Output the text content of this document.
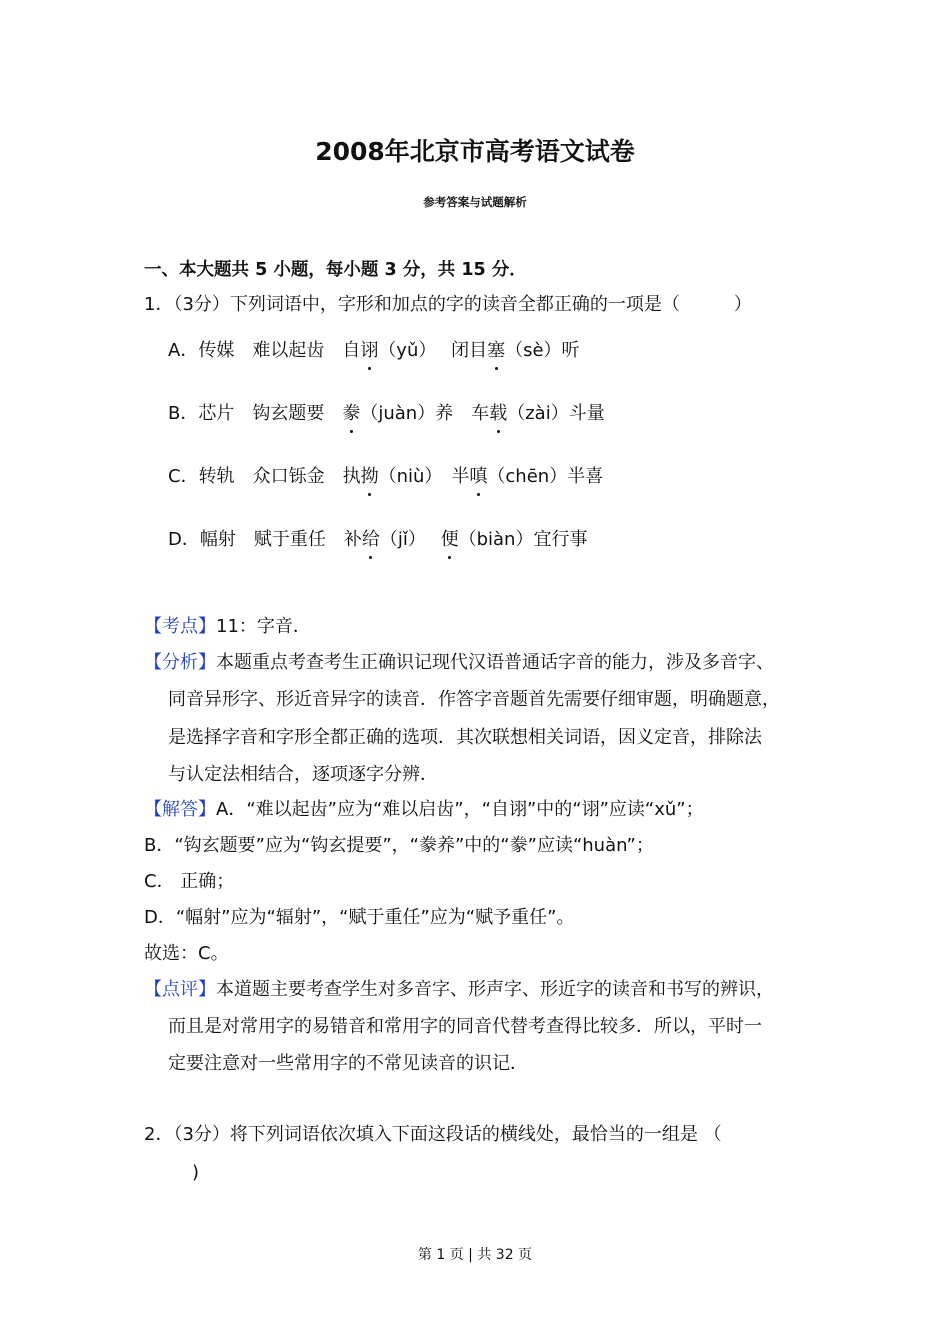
2008年北京市高考语文试卷
参考答案与试题解析
一、本大题共 5 小题，每小题 3 分，共 15 分．
1．（3分）下列词语中，字形和加点的字的读音全都正确的一项是（　　　）
A．传媒　难以起齿　自诩（yǔ）　 闭目塞（sè）听
B．芯片　钩玄题要　豢（juàn）养　车载（zài）斗量
C．转轨　众口铄金　执拗（niù）　半嗔（chēn）半喜
D．幅射　赋于重任　补给（jǐ）　 便（biàn）宜行事
【考点】11：字音．
【分析】本题重点考查考生正确识记现代汉语普通话字音的能力，涉及多音字、
同音异形字、形近音异字的读音．作答字音题首先需要仔细审题，明确题意，
是选择字音和字形全都正确的选项．其次联想相关词语，因义定音，排除法
与认定法相结合，逐项逐字分辨．
【解答】A．“难以起齿”应为“难以启齿”，“自诩”中的“诩”应读“xǔ”；
B．“钩玄题要”应为“钩玄提要”，“豢养”中的“豢”应读“huàn”；
C． 正确；
D．“幅射”应为“辐射”，“赋于重任”应为“赋予重任”。
故选：C。
【点评】本道题主要考查学生对多音字、形声字、形近字的读音和书写的辨识，
而且是对常用字的易错音和常用字的同音代替考查得比较多．所以，平时一
定要注意对一些常用字的不常见读音的识记．
2．（3分）将下列词语依次填入下面这段话的横线处，最恰当的一组是 （
)
第 1 页 | 共 32 页
